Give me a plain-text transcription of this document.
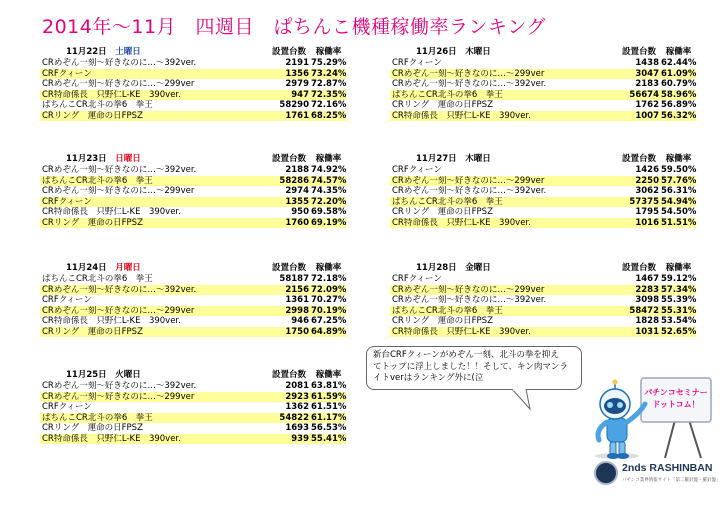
2014年～11月　四週目　ぱちんこ機種稼働率ランキング
11月22日　 土曜日	設置台数	稼働率
CRめぞん一刻～好きなのに…～392ver.	2191 75.29%
CRFクィーン	1356 73.24%
CRめぞん一刻～好きなのに…～299ver	2979 72.87%
CR特命係長　只野仁L-KE　390ver.	947 72.35%
ぱちんこCR北斗の拳6　拳王	58290 72.16%
CRリング　運命の日FPSZ	1761 68.25%
11月23日　 日曜日	設置台数	稼働率
CRめぞん一刻～好きなのに…～392ver.	2188 74.92%
ぱちんこCR北斗の拳6　拳王	58286 74.57%
CRめぞん一刻～好きなのに…～299ver	2974 74.35%
CRFクィーン	1355 72.20%
CR特命係長　只野仁L-KE　390ver.	950 69.58%
CRリング　運命の日FPSZ	1760 69.19%
11月24日　 月曜日	設置台数	稼働率
ぱちんこCR北斗の拳6　拳王	58187 72.18%
CRめぞん一刻～好きなのに…～392ver.	2156 72.09%
CRFクィーン	1361 70.27%
CRめぞん一刻～好きなのに…～299ver	2998 70.19%
CR特命係長　只野仁L-KE　390ver.	946 67.25%
CRリング　運命の日FPSZ	1750 64.89%
11月25日　 火曜日	設置台数	稼働率
CRめぞん一刻～好きなのに…～392ver.	2081 63.81%
CRめぞん一刻～好きなのに…～299ver	2923 61.59%
CRFクィーン	1362 61.51%
ぱちんこCR北斗の拳6　拳王	54822 61.17%
CRリング　運命の日FPSZ	1693 56.53%
CR特命係長　只野仁L-KE　390ver.	939 55.41%
11月26日　 木曜日	設置台数	稼働率
CRFクィーン	1438 62.44%
CRめぞん一刻～好きなのに…～299ver	3047 61.09%
CRめぞん一刻～好きなのに…～392ver.	2183 60.79%
ぱちんこCR北斗の拳6　拳王	56674 58.96%
CRリング　運命の日FPSZ	1762 56.89%
CR特命係長　只野仁L-KE　390ver.	1007 56.32%
11月27日　 木曜日	設置台数	稼働率
CRFクィーン	1426 59.50%
CRめぞん一刻～好きなのに…～299ver	2250 57.76%
CRめぞん一刻～好きなのに…～392ver.	3062 56.31%
ぱちんこCR北斗の拳6　拳王	57375 54.94%
CRリング　運命の日FPSZ	1795 54.50%
CR特命係長　只野仁L-KE　390ver.	1016 51.51%
11月28日　 金曜日	設置台数	稼働率
CRFクィーン	1467 59.12%
CRめぞん一刻～好きなのに…～299ver	2283 57.34%
CRめぞん一刻～好きなのに…～392ver.	3098 55.39%
ぱちんこCR北斗の拳6　拳王	58472 55.31%
CRリング　運命の日FPSZ	1828 53.54%
CR特命係長　只野仁L-KE　390ver.	1031 52.65%
新台CRFクィーンがめぞん一刻、北斗の拳を抑え
てトップに浮上しました！！そして、キン肉マンラ
イトverはランキング外に(泣
パチンコセミナー
ドットコム！
2nds RASHINBAN
パチンコ業界情報サイト「第二羅針盤・羅針盤」
